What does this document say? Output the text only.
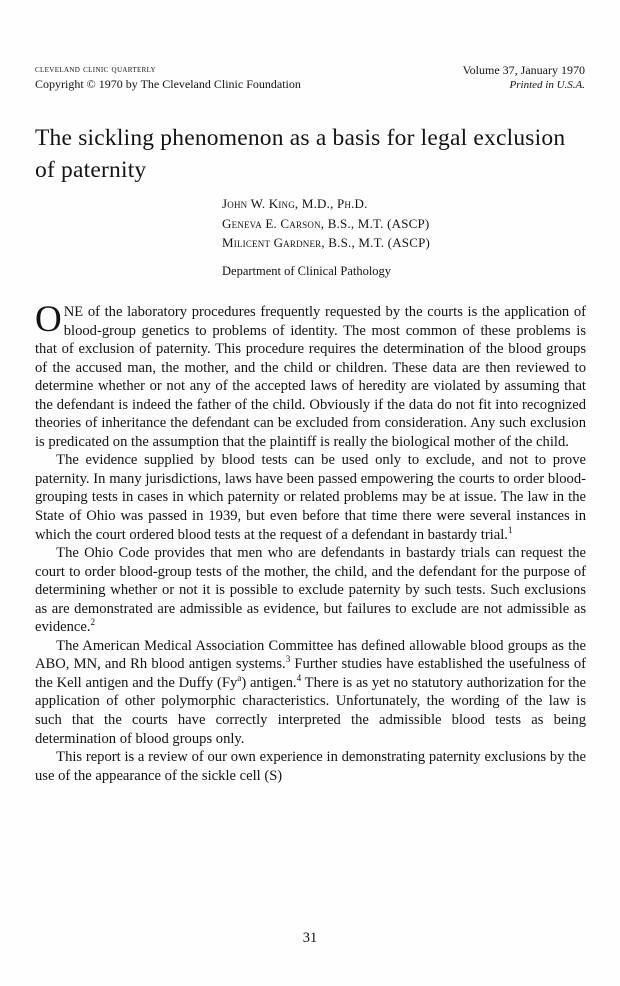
cleveland clinic quarterly
Copyright © 1970 by The Cleveland Clinic Foundation
Volume 37, January 1970
Printed in U.S.A.
The sickling phenomenon as a basis for legal exclusion of paternity
John W. King, M.D., Ph.D.
Geneva E. Carson, B.S., M.T. (ASCP)
Milicent Gardner, B.S., M.T. (ASCP)
Department of Clinical Pathology

ONE of the laboratory procedures frequently requested by the courts is the application of blood-group genetics to problems of identity. The most common of these problems is that of exclusion of paternity. This procedure requires the determination of the blood groups of the accused man, the mother, and the child or children. These data are then reviewed to determine whether or not any of the accepted laws of heredity are violated by assuming that the defendant is indeed the father of the child. Obviously if the data do not fit into recognized theories of inheritance the defendant can be excluded from consideration. Any such exclusion is predicated on the assumption that the plaintiff is really the biological mother of the child.

The evidence supplied by blood tests can be used only to exclude, and not to prove paternity. In many jurisdictions, laws have been passed empowering the courts to order blood-grouping tests in cases in which paternity or related problems may be at issue. The law in the State of Ohio was passed in 1939, but even before that time there were several instances in which the court ordered blood tests at the request of a defendant in bastardy trial.$^1$

The Ohio Code provides that men who are defendants in bastardy trials can request the court to order blood-group tests of the mother, the child, and the defendant for the purpose of determining whether or not it is possible to exclude paternity by such tests. Such exclusions as are demonstrated are admissible as evidence, but failures to exclude are not admissible as evidence.$^2$

The American Medical Association Committee has defined allowable blood groups as the ABO, MN, and Rh blood antigen systems.$^3$ Further studies have established the usefulness of the Kell antigen and the Duffy (Fy$^a$) antigen.$^4$ There is as yet no statutory authorization for the application of other polymorphic characteristics. Unfortunately, the wording of the law is such that the courts have correctly interpreted the admissible blood tests as being determination of blood groups only.

This report is a review of our own experience in demonstrating paternity exclusions by the use of the appearance of the sickle cell (S)

31
